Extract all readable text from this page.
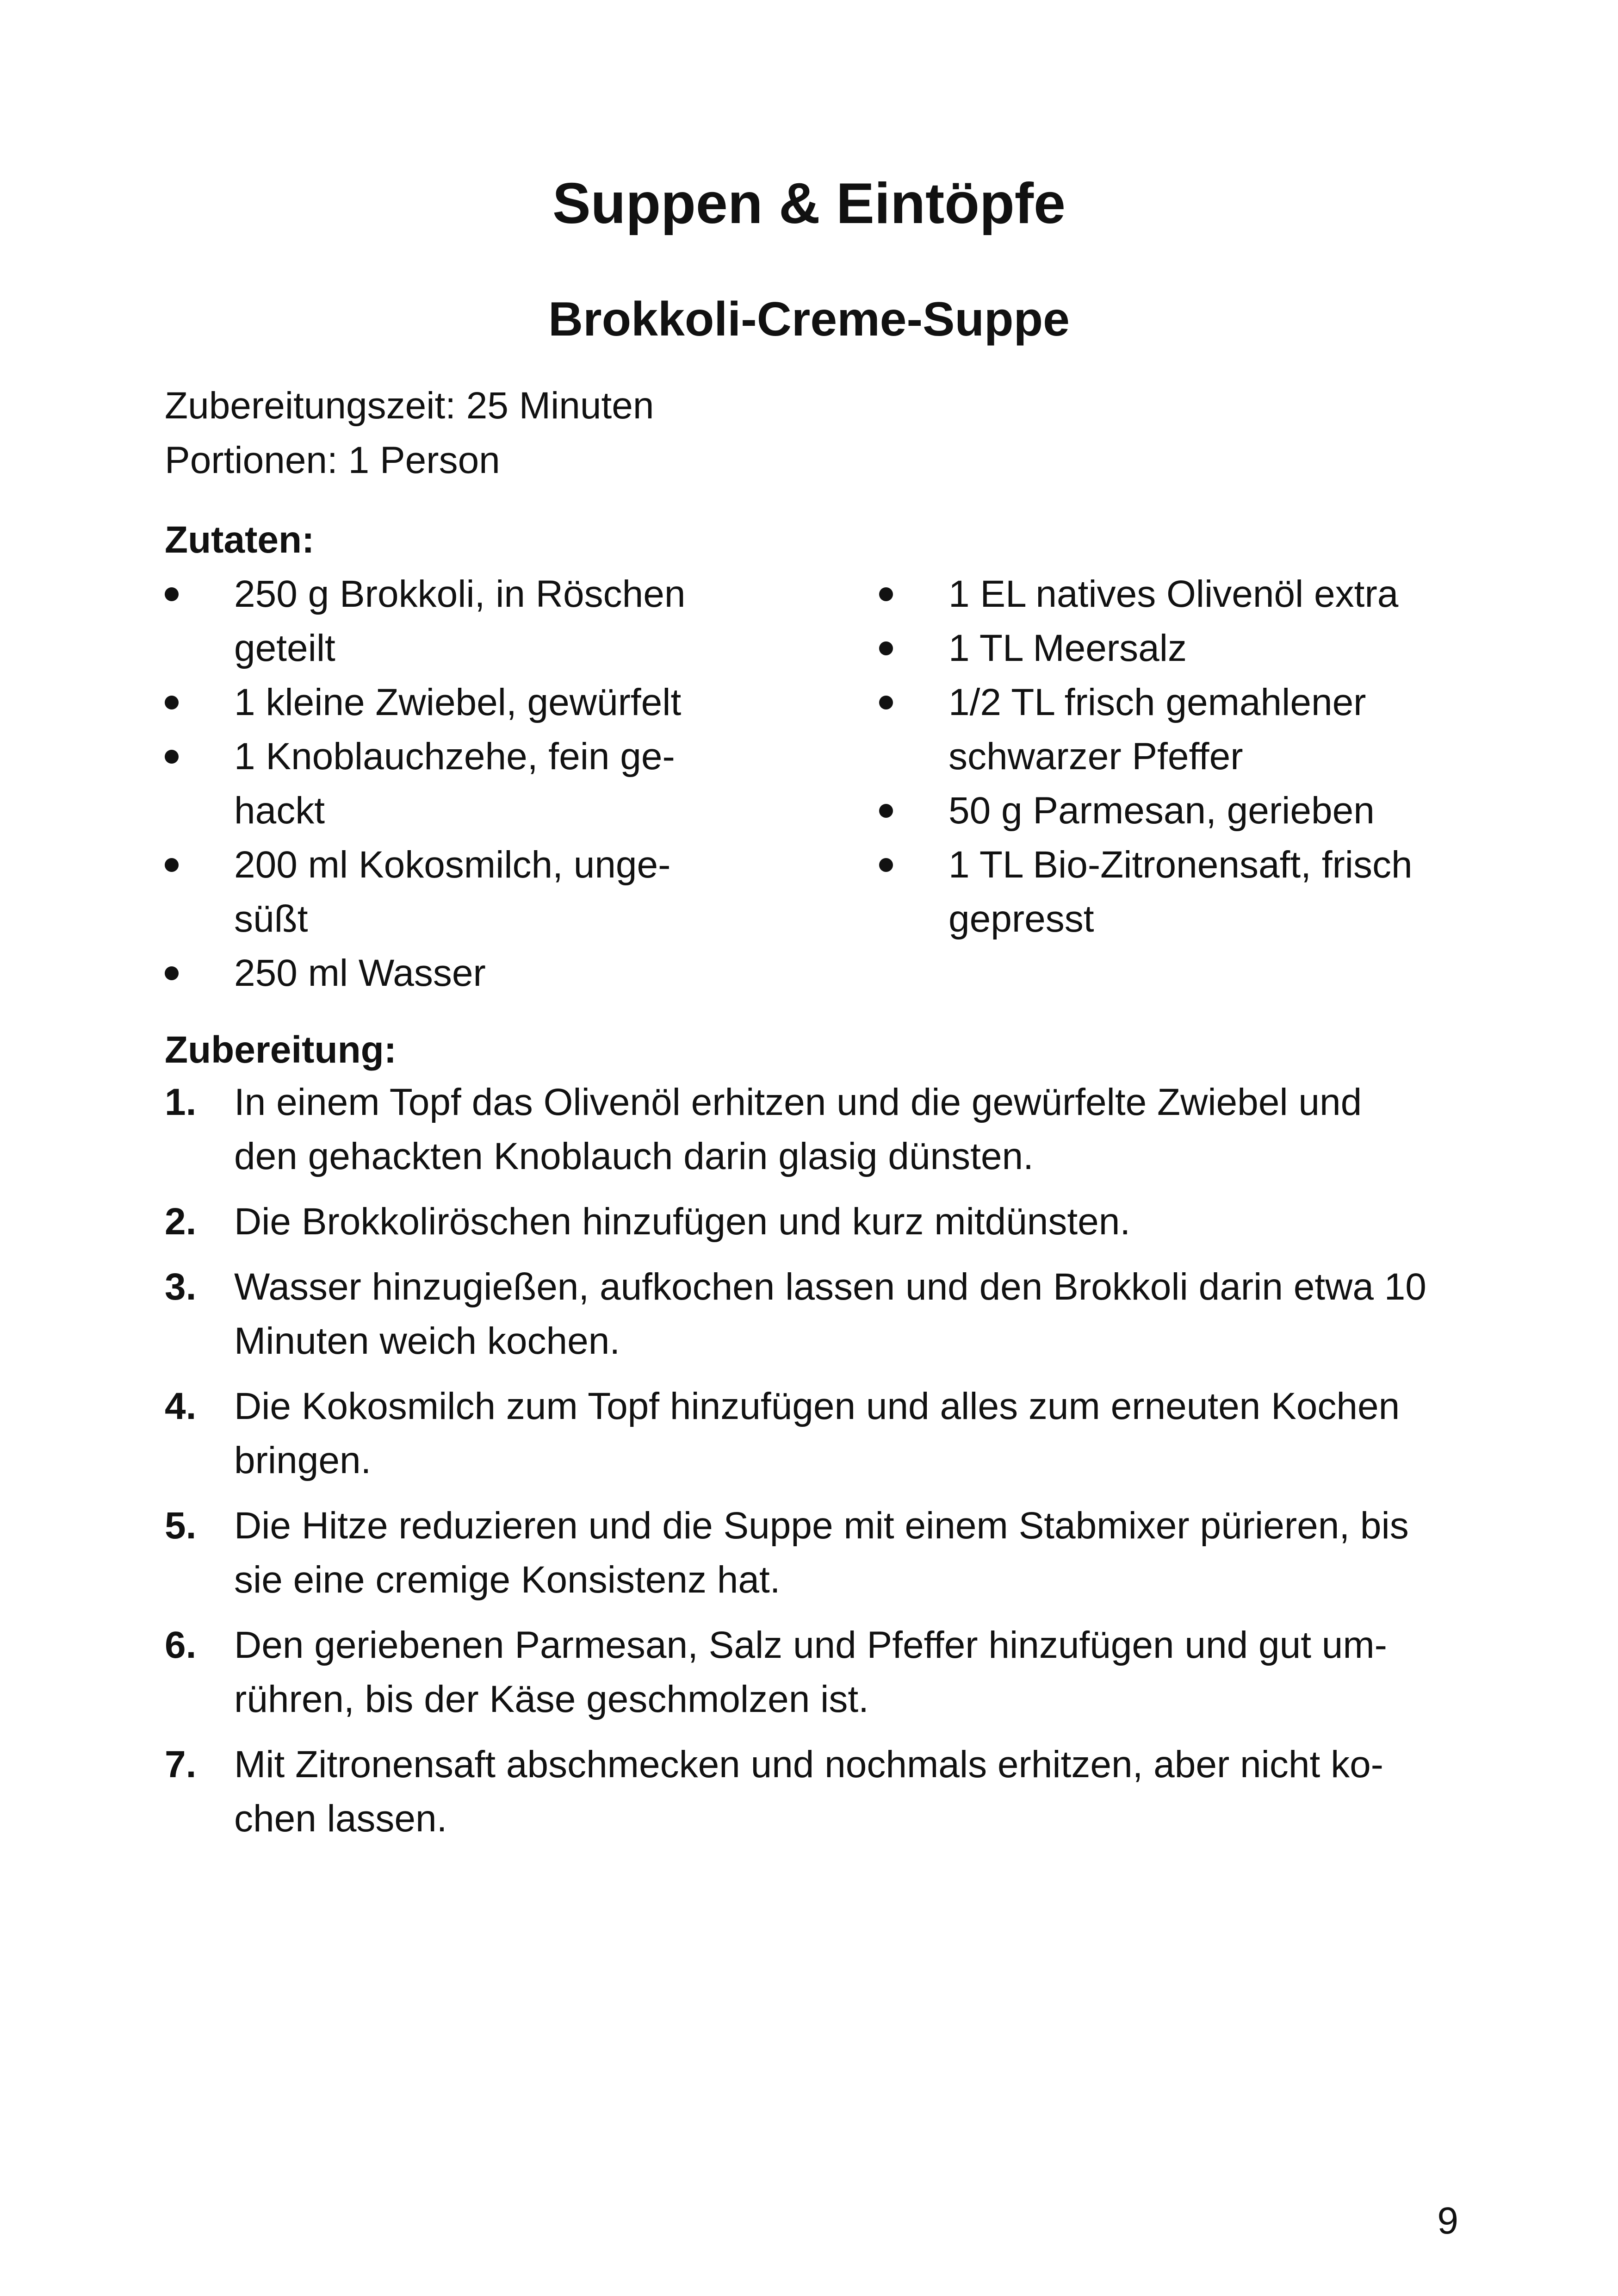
Suppen & Eintöpfe
Brokkoli-Creme-Suppe
Zubereitungszeit: 25 Minuten
Portionen: 1 Person
Zutaten:
250 g Brokkoli, in Röschen
geteilt
1 kleine Zwiebel, gewürfelt
1 Knoblauchzehe, fein ge-
hackt
200 ml Kokosmilch, unge-
süßt
250 ml Wasser
1 EL natives Olivenöl extra
1 TL Meersalz
1/2 TL frisch gemahlener
schwarzer Pfeffer
50 g Parmesan, gerieben
1 TL Bio-Zitronensaft, frisch
gepresst
Zubereitung:
1. In einem Topf das Olivenöl erhitzen und die gewürfelte Zwiebel und
den gehackten Knoblauch darin glasig dünsten.
2. Die Brokkoliröschen hinzufügen und kurz mitdünsten.
3. Wasser hinzugießen, aufkochen lassen und den Brokkoli darin etwa 10
Minuten weich kochen.
4. Die Kokosmilch zum Topf hinzufügen und alles zum erneuten Kochen
bringen.
5. Die Hitze reduzieren und die Suppe mit einem Stabmixer pürieren, bis
sie eine cremige Konsistenz hat.
6. Den geriebenen Parmesan, Salz und Pfeffer hinzufügen und gut um-
rühren, bis der Käse geschmolzen ist.
7. Mit Zitronensaft abschmecken und nochmals erhitzen, aber nicht ko-
chen lassen.
9
